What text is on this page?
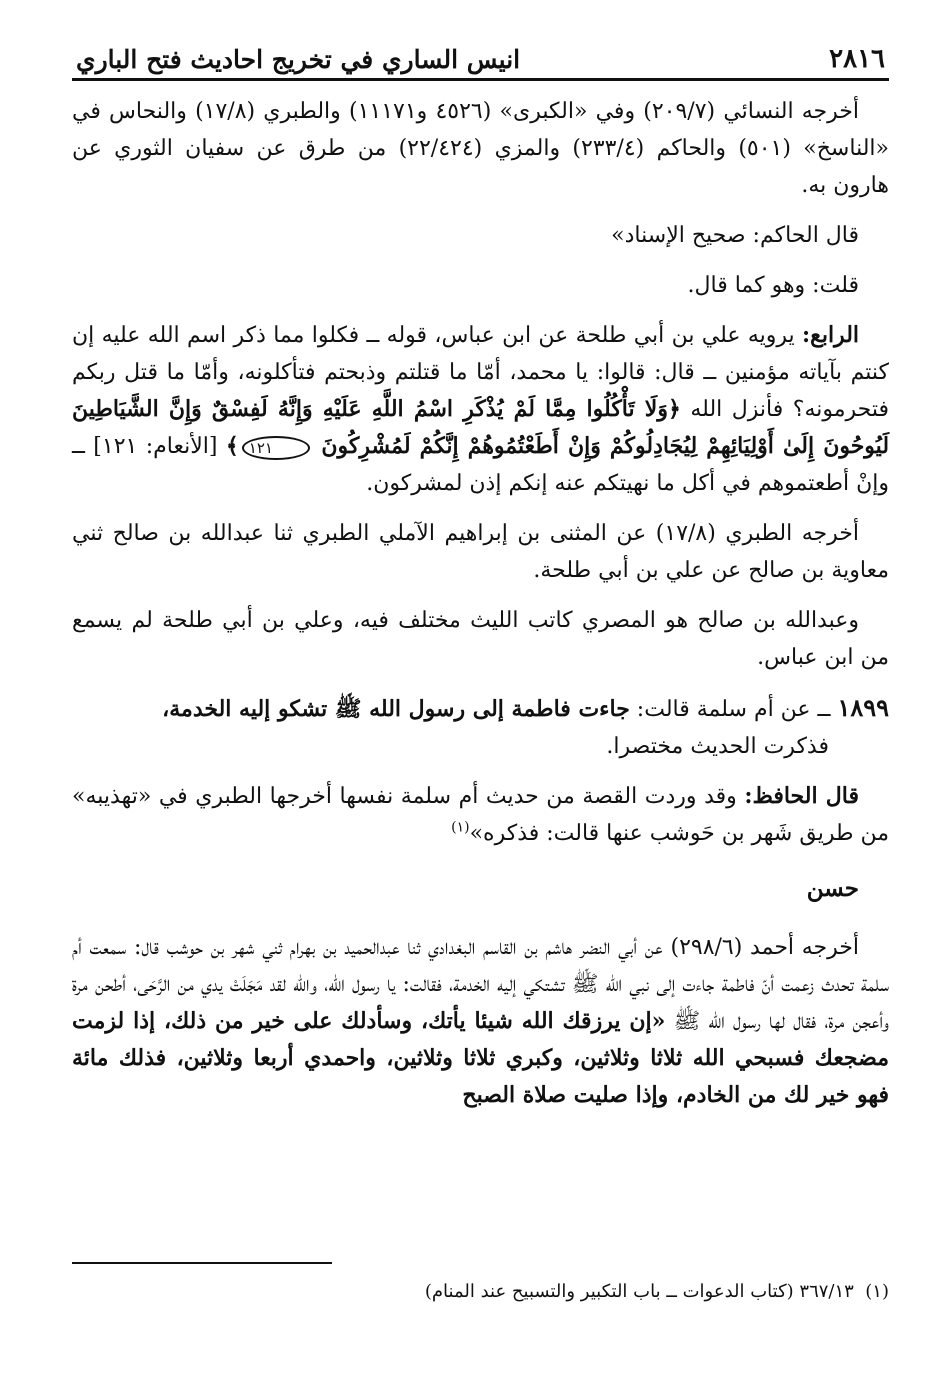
٢٨١٦
انيس الساري في تخريج احاديث فتح الباري

أخرجه النسائي (٢٠٩/٧) وفي «الكبرى» (٤٥٢٦ و١١١٧١) والطبري (١٧/٨) والنحاس في «الناسخ» (٥٠١) والحاكم (٢٣٣/٤) والمزي (٢٢/٤٢٤) من طرق عن سفيان الثوري عن هارون به.

قال الحاكم: صحيح الإسناد»

قلت: وهو كما قال.

الرابع: يرويه علي بن أبي طلحة عن ابن عباس، قوله ــ فكلوا مما ذكر اسم الله عليه إن كنتم بآياته مؤمنين ــ قال: قالوا: يا محمد، أمّا ما قتلتم وذبحتم فتأكلونه، وأمّا ما قتل ربكم فتحرمونه؟ فأنزل الله ﴿وَلَا تَأْكُلُوا مِمَّا لَمْ يُذْكَرِ اسْمُ اللَّهِ عَلَيْهِ وَإِنَّهُ لَفِسْقٌ وَإِنَّ الشَّيَاطِينَ لَيُوحُونَ إِلَىٰ أَوْلِيَائِهِمْ لِيُجَادِلُوكُمْ وَإِنْ أَطَعْتُمُوهُمْ إِنَّكُمْ لَمُشْرِكُونَ ١٢١﴾ [الأنعام: ١٢١] ــ وإنْ أطعتموهم في أكل ما نهيتكم عنه إنكم إذن لمشركون.

أخرجه الطبري (١٧/٨) عن المثنى بن إبراهيم الآملي الطبري ثنا عبدالله بن صالح ثني معاوية بن صالح عن علي بن أبي طلحة.

وعبدالله بن صالح هو المصري كاتب الليث مختلف فيه، وعلي بن أبي طلحة لم يسمع من ابن عباس.

١٨٩٩ ــ عن أم سلمة قالت: جاءت فاطمة إلى رسول الله ﷺ تشكو إليه الخدمة،
فذكرت الحديث مختصرا.

قال الحافظ: وقد وردت القصة من حديث أم سلمة نفسها أخرجها الطبري في «تهذيبه» من طريق شَهر بن حَوشب عنها قالت: فذكره»$^{(١)}$

حسن

أخرجه أحمد (٢٩٨/٦) عن أبي النضر هاشم بن القاسم البغدادي ثنا عبدالحميد بن بهرام ثني شهر بن حوشب قال: سمعت أم سلمة تحدث زعمت أنّ فاطمة جاءت إلى نبي الله ﷺ تشتكي إليه الخدمة، فقالت: يا رسول الله، والله لقد مَجَلَتْ يدي من الرَّحَى، أطحن مرة وأعجن مرة، فقال لها رسول الله ﷺ «إن يرزقك الله شيئا يأتك، وسأدلك على خير من ذلك، إذا لزمت مضجعك فسبحي الله ثلاثا وثلاثين، وكبري ثلاثا وثلاثين، واحمدي أربعا وثلاثين، فذلك مائة فهو خير لك من الخادم، وإذا صليت صلاة الصبح

(١)  ٣٦٧/١٣ (كتاب الدعوات ــ باب التكبير والتسبيح عند المنام)
